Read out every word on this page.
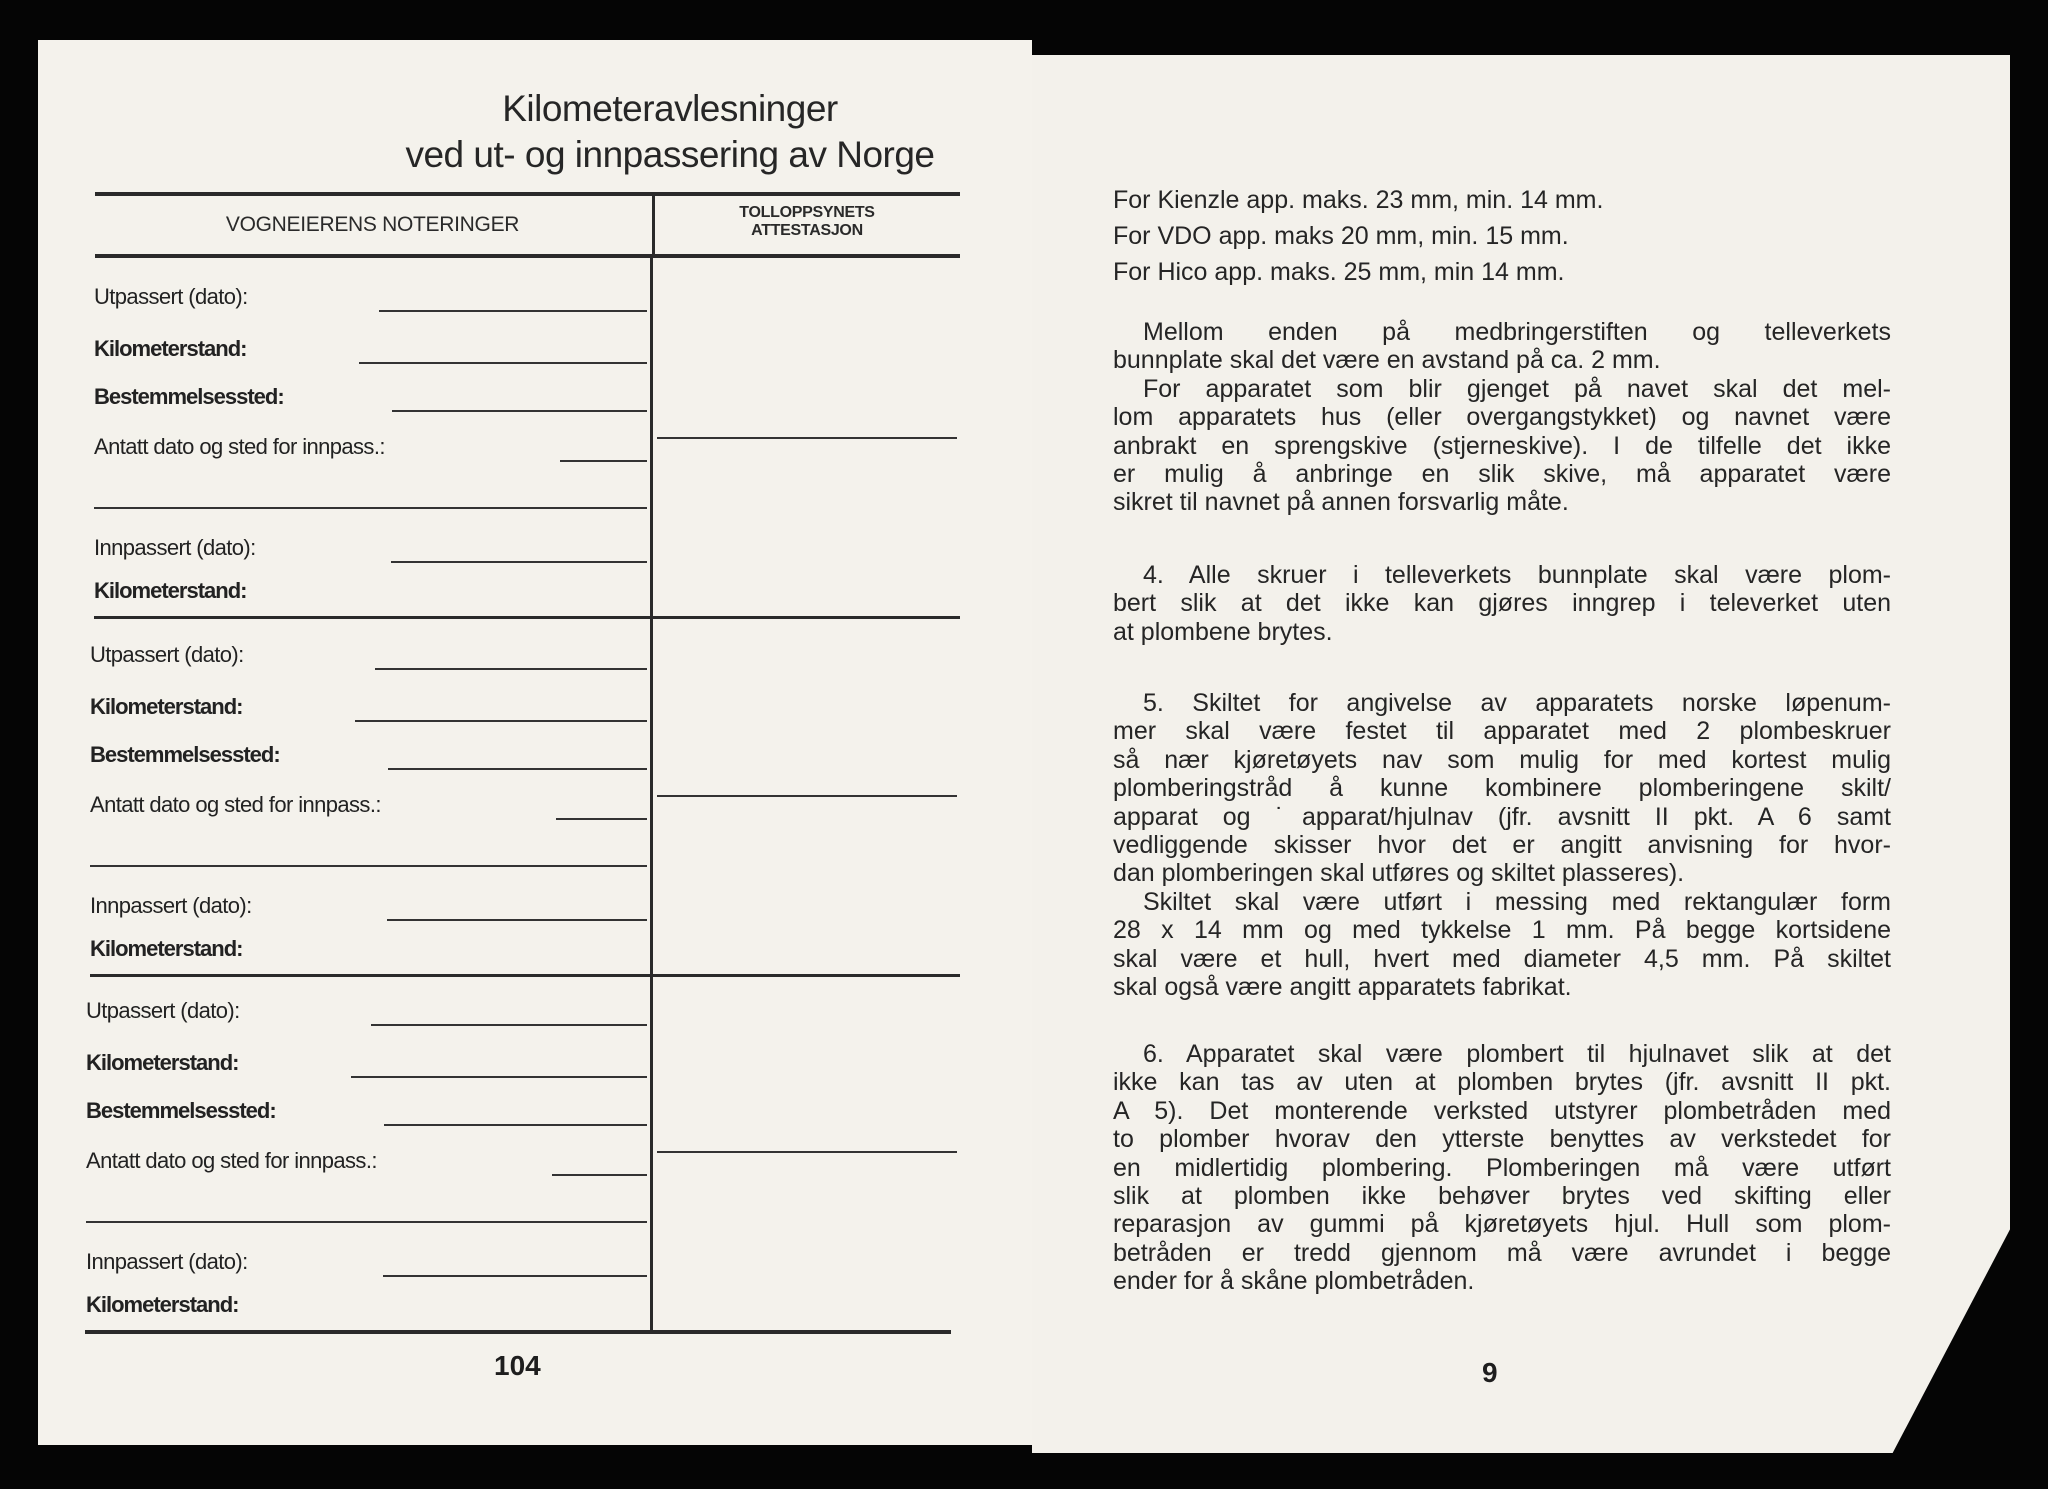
Kilometeravlesninger
ved ut- og innpassering av Norge
VOGNEIERENS NOTERINGER
TOLLOPPSYNETS
ATTESTASJON
Utpassert (dato):
Kilometerstand:
Bestemmelsessted:
Antatt dato og sted for innpass.:
Innpassert (dato):
Kilometerstand:
Utpassert (dato):
Kilometerstand:
Bestemmelsessted:
Antatt dato og sted for innpass.:
Innpassert (dato):
Kilometerstand:
Utpassert (dato):
Kilometerstand:
Bestemmelsessted:
Antatt dato og sted for innpass.:
Innpassert (dato):
Kilometerstand:
104
For Kienzle app. maks. 23 mm, min. 14 mm.
For VDO app. maks 20 mm, min. 15 mm.
For Hico app. maks. 25 mm, min 14 mm.
Mellom enden på medbringerstiften og telleverkets
bunnplate skal det være en avstand på ca. 2 mm.
For apparatet som blir gjenget på navet skal det mel-
lom apparatets hus (eller overgangstykket) og navnet være
anbrakt en sprengskive (stjerneskive). I de tilfelle det ikke
er mulig å anbringe en slik skive, må apparatet være
sikret til navnet på annen forsvarlig måte.
4. Alle skruer i telleverkets bunnplate skal være plom-
bert slik at det ikke kan gjøres inngrep i televerket uten
at plombene brytes.
5. Skiltet for angivelse av apparatets norske løpenum-
mer skal være festet til apparatet med 2 plombeskruer
så nær kjøretøyets nav som mulig for med kortest mulig
plomberingstråd å kunne kombinere plomberingene skilt/
apparat og ˙apparat/hjulnav (jfr. avsnitt II pkt. A 6 samt
vedliggende skisser hvor det er angitt anvisning for hvor-
dan plomberingen skal utføres og skiltet plasseres).
Skiltet skal være utført i messing med rektangulær form
28 x 14 mm og med tykkelse 1 mm. På begge kortsidene
skal være et hull, hvert med diameter 4,5 mm. På skiltet
skal også være angitt apparatets fabrikat.
6. Apparatet skal være plombert til hjulnavet slik at det
ikke kan tas av uten at plomben brytes (jfr. avsnitt II pkt.
A 5). Det monterende verksted utstyrer plombetråden med
to plomber hvorav den ytterste benyttes av verkstedet for
en midlertidig plombering. Plomberingen må være utført
slik at plomben ikke behøver brytes ved skifting eller
reparasjon av gummi på kjøretøyets hjul. Hull som plom-
betråden er tredd gjennom må være avrundet i begge
ender for å skåne plombetråden.
9
